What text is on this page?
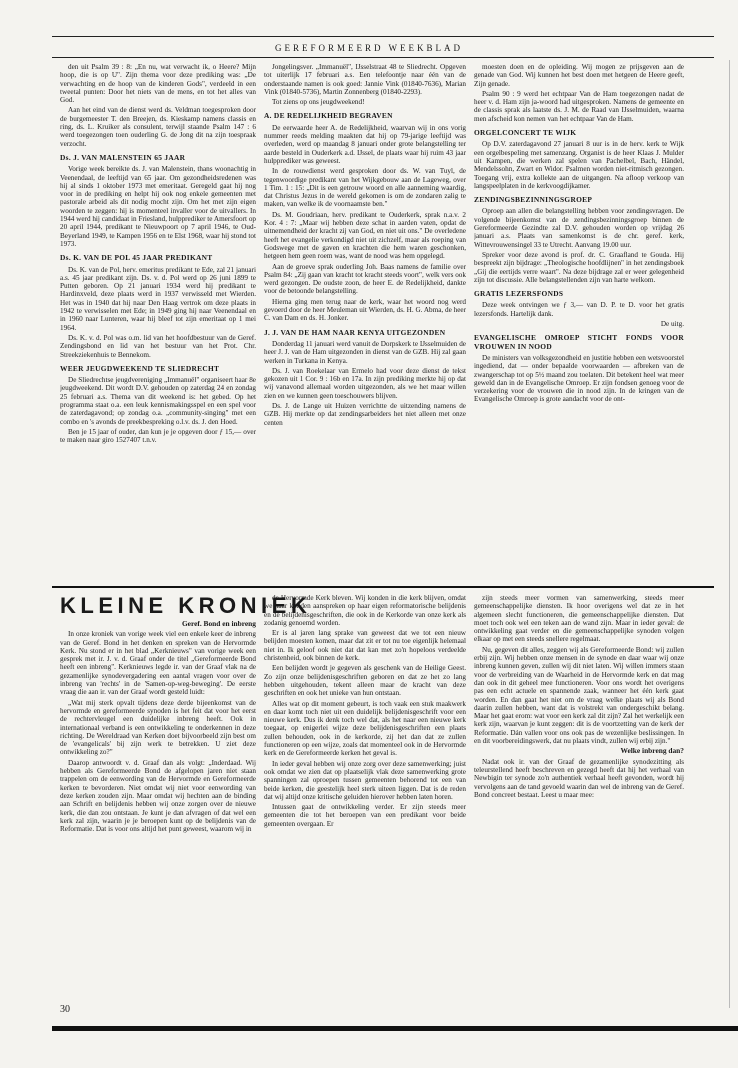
GEREFORMEERD WEEKBLAD

den uit Psalm 39 : 8: „En nu, wat verwacht ik, o Heere? Mijn hoop, die is op U". Zijn thema voor deze prediking was: „De verwachting en de hoop van de kinderen Gods", verdeeld in een tweetal punten: Door het niets van de mens, en tot het alles van God.

Aan het eind van de dienst werd ds. Veldman toegesproken door de burgemeester T. den Breejen, ds. Kieskamp namens classis en ring, ds. L. Kruiker als consulent, terwijl staande Psalm 147 : 6 werd toegezongen toen ouderling G. de Jong dit na zijn toespraak verzocht.

Ds. J. VAN MALENSTEIN 65 JAAR

Vorige week bereikte ds. J. van Malenstein, thans woonachtig in Veenendaal, de leeftijd van 65 jaar. Om gezondheidsredenen was hij al sinds 1 oktober 1973 met emeritaat. Geregeld gaat hij nog voor in de prediking en helpt hij ook nog enkele gemeenten met pastorale arbeid als dit nodig mocht zijn. Om het met zijn eigen woorden te zeggen: hij is momenteel invaller voor de uitvallers. In 1944 werd hij candidaat in Friesland, hulpprediker te Amersfoort op 20 april 1944, predikant te Nieuwpoort op 7 april 1946, te Oud-Beyerland 1949, te Kampen 1956 en te Elst 1968, waar hij stond tot 1973.

Ds. K. VAN DE POL 45 JAAR PREDIKANT

Ds. K. van de Pol, herv. emeritus predikant te Ede, zal 21 januari a.s. 45 jaar predikant zijn. Ds. v. d. Pol werd op 26 juni 1899 te Putten geboren. Op 21 januari 1934 werd hij predikant te Hardinxveld, deze plaats werd in 1937 verwisseld met Wierden. Het was in 1940 dat hij naar Den Haag vertrok om deze plaats in 1942 te verwisselen met Ede; in 1949 ging hij naar Veenendaal en in 1960 naar Lunteren, waar hij bleef tot zijn emeritaat op 1 mei 1964.

Ds. K. v. d. Pol was o.m. lid van het hoofdbestuur van de Geref. Zendingsbond en lid van het bestuur van het Prot. Chr. Streekziekenhuis te Bennekom.

WEER JEUGDWEEKEND TE SLIEDRECHT

De Sliedrechtse jeugdvereniging „Immanuël" organiseert haar 8e jeugdweekend. Dit wordt D.V. gehouden op zaterdag 24 en zondag 25 februari a.s. Thema van dit weekend is: het gebed. Op het programma staat o.a. een leuk kennismakingsspel en een spel voor de zaterdagavond; op zondag o.a. „community-singing" met een combo en 's avonds de preekbespreking o.l.v. ds. J. den Hoed.

Ben je 15 jaar of ouder, dan kun je je opgeven door ƒ 15,— over te maken naar giro 1527407 t.n.v.

Jongelingsver. „Immanuël", IJsselstraat 48 te Sliedrecht. Opgeven tot uiterlijk 17 februari a.s. Een telefoontje naar één van de onderstaande namen is ook goed: Jannie Vink (01840-7636), Marian Vink (01840-5736), Martin Zonnenberg (01840-2293).

Tot ziens op ons jeugdweekend!

A. DE REDELIJKHEID BEGRAVEN

De eerwaarde heer A. de Redelijkheid, waarvan wij in ons vorig nummer reeds melding maakten dat hij op 79-jarige leeftijd was overleden, werd op maandag 8 januari onder grote belangstelling ter aarde besteld in Ouderkerk a.d. IJssel, de plaats waar hij ruim 43 jaar hulpprediker was geweest.

In de rouwdienst werd gesproken door ds. W. van Tuyl, de tegenwoordige predikant van het Wijkgebouw aan de Lageweg, over 1 Tim. 1 : 15: „Dit is een getrouw woord en alle aanneming waardig, dat Christus Jezus in de wereld gekomen is om de zondaren zalig te maken, van welke ik de voornaamste ben."

Ds. M. Goudriaan, herv. predikant te Ouderkerk, sprak n.a.v. 2 Kor. 4 : 7: „Maar wij hebben deze schat in aarden vaten, opdat de uitnemendheid der kracht zij van God, en niet uit ons." De overledene heeft het evangelie verkondigd niet uit zichzelf, maar als roeping van Godswege met de gaven en krachten die hem waren geschonken, hetgeen hem geen roem was, want de nood was hem opgelegd.

Aan de groeve sprak ouderling Joh. Baas namens de familie over Psalm 84: „Zij gaan van kracht tot kracht steeds voort", welk vers ook werd gezongen. De oudste zoon, de heer E. de Redelijkheid, dankte voor de betoonde belangstelling.

Hierna ging men terug naar de kerk, waar het woord nog werd gevoerd door de heer Meuleman uit Wierden, ds. H. G. Abma, de heer C. van Dam en ds. H. Jonker.

J. J. VAN DE HAM NAAR KENYA UITGEZONDEN

Donderdag 11 januari werd vanuit de Dorpskerk te IJsselmuiden de heer J. J. van de Ham uitgezonden in dienst van de GZB. Hij zal gaan werken in Turkana in Kenya.

Ds. J. van Roekelaar van Ermelo had voor deze dienst de tekst gekozen uit 1 Cor. 9 : 16b en 17a. In zijn prediking merkte hij op dat wij vanavond allemaal worden uitgezonden, als we het maar willen zien en we kunnen geen toeschouwers blijven.

Ds. J. de Lange uit Huizen verrichtte de uitzending namens de GZB. Hij merkte op dat zendingsarbeiders het niet alleen met onze centen

moesten doen en de opleiding. Wij mogen ze prijsgeven aan de genade van God. Wij kunnen het best doen met hetgeen de Heere geeft, Zijn genade.

Psalm 90 : 9 werd het echtpaar Van de Ham toegezongen nadat de heer v. d. Ham zijn ja-woord had uitgesproken. Namens de gemeente en de classis sprak als laatste ds. J. M. de Raad van IJsselmuiden, waarna men afscheid kon nemen van het echtpaar Van de Ham.

ORGELCONCERT TE WIJK

Op D.V. zaterdagavond 27 januari 8 uur is in de herv. kerk te Wijk een orgelbespeling met samenzang. Organist is de heer Klaas J. Mulder uit Kampen, die werken zal spelen van Pachelbel, Bach, Händel, Mendelssohn, Zwart en Widor. Psalmen worden niet-ritmisch gezongen. Toegang vrij, extra kollekte aan de uitgangen. Na afloop verkoop van langspeelplaten in de kerkvoogdijkamer.

ZENDINGSBEZINNINGSGROEP

Oproep aan allen die belangstelling hebben voor zendingsvragen. De volgende bijeenkomst van de zendingsbezinningsgroep binnen de Gereformeerde Gezindte zal D.V. gehouden worden op vrijdag 26 januari a.s. Plaats van samenkomst is de chr. geref. kerk, Wittevrouwensingel 33 te Utrecht. Aanvang 19.00 uur.

Spreker voor deze avond is prof. dr. C. Graafland te Gouda. Hij bespreekt zijn bijdrage: „Theologische hoofdlijnen" in het zendingsboek „Gij die eertijds verre waart". Na deze bijdrage zal er weer gelegenheid zijn tot discussie. Alle belangstellenden zijn van harte welkom.

GRATIS LEZERSFONDS

Deze week ontvingen we ƒ 3,— van D. P. te D. voor het gratis lezersfonds. Hartelijk dank.

De uitg.

EVANGELISCHE OMROEP STICHT FONDS VOOR VROUWEN IN NOOD

De ministers van volksgezondheid en justitie hebben een wetsvoorstel ingediend, dat — onder bepaalde voorwaarden — afbreken van de zwangerschap tot op 5½ maand zou toelaten. Dit betekent heel wat meer geweld dan in de Evangelische Omroep. Er zijn fondsen genoeg voor de verzekering voor de vrouwen die in nood zijn. In de kringen van de Evangelische Omroep is grote aandacht voor de ont-

KLEINE KRONIEK

Geref. Bond en inbreng

In onze kroniek van vorige week viel een enkele keer de inbreng van de Geref. Bond in het denken en spreken van de Hervormde Kerk. Nu stond er in het blad „Kerknieuws" van vorige week een gesprek met ir. J. v. d. Graaf onder de titel „Gereformeerde Bond heeft een inbreng". Kerknieuws legde ir. van der Graaf vlak na de gezamenlijke synodevergadering een aantal vragen voor over de inbreng van 'rechts' in de 'Samen-op-weg-beweging'. De eerste vraag die aan ir. van der Graaf wordt gesteld luidt:

„Wat mij sterk opvalt tijdens deze derde bijeenkomst van de hervormde en gereformeerde synoden is het feit dat voor het eerst de rechtervleugel een duidelijke inbreng heeft. Ook in internationaal verband is een ontwikkeling te onderkennen in deze richting. De Wereldraad van Kerken doet bijvoorbeeld zijn best om de 'evangelicals' bij zijn werk te betrekken. U ziet deze ontwikkeling zo?"

Daarop antwoordt v. d. Graaf dan als volgt: „Inderdaad. Wij hebben als Gereformeerde Bond de afgelopen jaren niet staan trappelen om de eenwording van de Hervormde en Gereformeerde kerken te bevorderen. Niet omdat wij niet voor eenwording van deze kerken zouden zijn. Maar omdat wij hechten aan de binding aan Schrift en belijdenis hebben wij onze zorgen over de nieuwe kerk, die dan zou ontstaan. Je kunt je dan afvragen of dat wel een kerk zal zijn, waarin je je beroepen kunt op de belijdenis van de Reformatie. Dat is voor ons altijd het punt geweest, waarom wij in

de Hervormde Kerk bleven. Wij konden in die kerk blijven, omdat we haar konden aanspreken op haar eigen reformatorische belijdenis en de belijdenisgeschriften, die ook in de Kerkorde van onze kerk als zodanig genoemd worden.

Er is al jaren lang sprake van geweest dat we tot een nieuw belijden moesten komen, maar dat zit er tot nu toe eigenlijk helemaal niet in. Ik geloof ook niet dat dat kan met zo'n hopeloos verdeelde christenheid, ook binnen de kerk.

Een belijden wordt je gegeven als geschenk van de Heilige Geest. Zo zijn onze belijdenisgeschriften geboren en dat ze het zo lang hebben uitgehouden, tekent alleen maar de kracht van deze geschriften en ook het unieke van hun ontstaan.

Alles wat op dit moment gebeurt, is toch vaak een stuk maakwerk en daar komt toch niet uit een duidelijk belijdenisgeschrift voor een nieuwe kerk. Dus ik denk toch wel dat, als het naar een nieuwe kerk toegaat, op enigerlei wijze deze belijdenisgeschriften een plaats zullen behouden, ook in de kerkorde, zij het dan dat ze zullen functioneren op een wijze, zoals dat momenteel ook in de Hervormde kerk en de Gereformeerde kerken het geval is.

In ieder geval hebben wij onze zorg over deze samenwerking; juist ook omdat we zien dat op plaatselijk vlak deze samenwerking grote spanningen zal oproepen tussen gemeenten behorend tot een van beide kerken, die geestelijk heel sterk uiteen liggen. Dat is de reden dat wij altijd onze kritische geluiden hierover hebben laten horen.

Intussen gaat de ontwikkeling verder. Er zijn steeds meer gemeenten die tot het beroepen van een predikant voor beide gemeenten overgaan. Er

zijn steeds meer vormen van samenwerking, steeds meer gemeenschappelijke diensten. Ik hoor overigens wel dat ze in het algemeen slecht functioneren, die gemeenschappelijke diensten. Dat moet toch ook wel een teken aan de wand zijn. Maar in ieder geval: de ontwikkeling gaat verder en die gemeenschappelijke synoden volgen elkaar op met een steeds snellere regelmaat.

Nu, gegeven dit alles, zeggen wij als Gereformeerde Bond: wij zullen erbij zijn. Wij hebben onze mensen in de synode en daar waar wij onze inbreng kunnen geven, zullen wij dit niet laten. Wij willen immers staan voor de verbreiding van de Waarheid in de Hervormde kerk en dat mag dan ook in dit geheel mee functioneren. Voor ons wordt het overigens pas een echt actuele en spannende zaak, wanneer het één kerk gaat worden. En dan gaat het niet om de vraag welke plaats wij als Bond daarin zullen hebben, want dat is volstrekt van ondergeschikt belang. Maar het gaat erom: wat voor een kerk zal dit zijn? Zal het werkelijk een kerk zijn, waarvan je kunt zeggen: dit is de voortzetting van de kerk der Reformatie. Dán vallen voor ons ook pas de wezenlijke beslissingen. In en dit voorbereidingswerk, dat nu plaats vindt, zullen wij erbij zijn."

Welke inbreng dan?

Nadat ook ir. van der Graaf de gezamenlijke synodezitting als teleurstellend heeft beschreven en gezegd heeft dat hij het verhaal van Newbigin ter synode zo'n authentiek verhaal heeft gevonden, wordt hij vervolgens aan de tand gevoeld waarin dan wel de inbreng van de Geref. Bond concreet bestaat. Leest u maar mee:

30
